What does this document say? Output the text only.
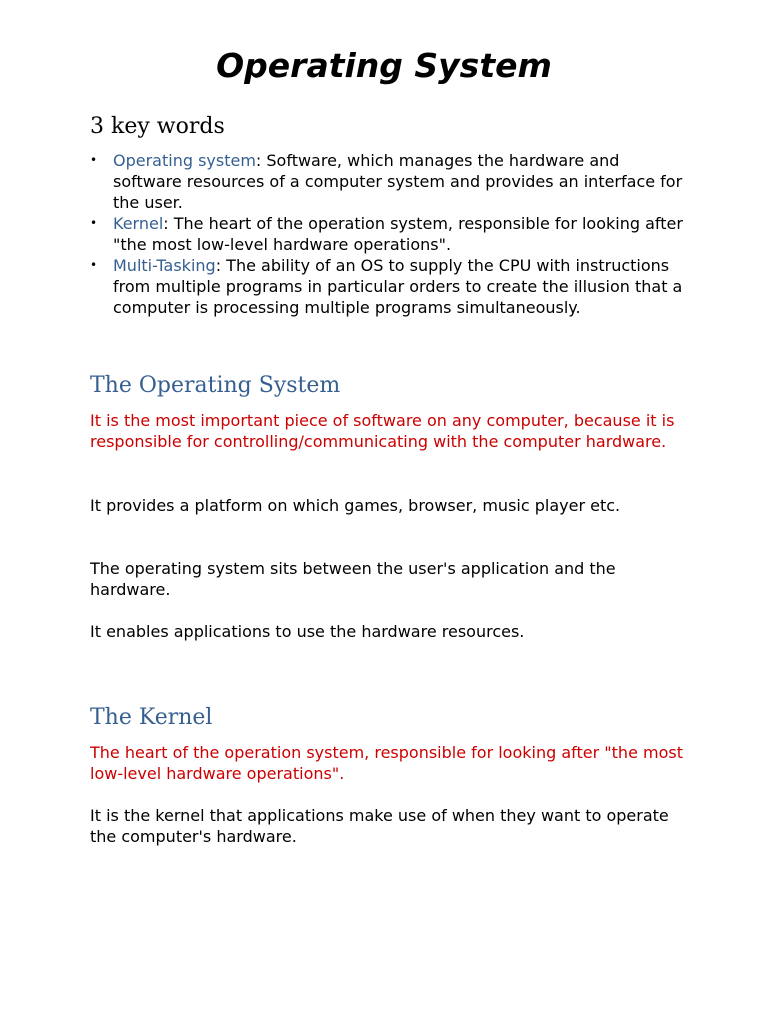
Operating System
3 key words
• Operating system: Software, which manages the hardware and software resources of a computer system and provides an interface for the user.
• Kernel: The heart of the operation system, responsible for looking after "the most low-level hardware operations".
• Multi-Tasking: The ability of an OS to supply the CPU with instructions from multiple programs in particular orders to create the illusion that a computer is processing multiple programs simultaneously.
The Operating System

It is the most important piece of software on any computer, because it is responsible for controlling/communicating with the computer hardware.

It provides a platform on which games, browser, music player etc.

The operating system sits between the user's application and the hardware.

It enables applications to use the hardware resources.

The Kernel

The heart of the operation system, responsible for looking after "the most low-level hardware operations".

It is the kernel that applications make use of when they want to operate the computer's hardware.
